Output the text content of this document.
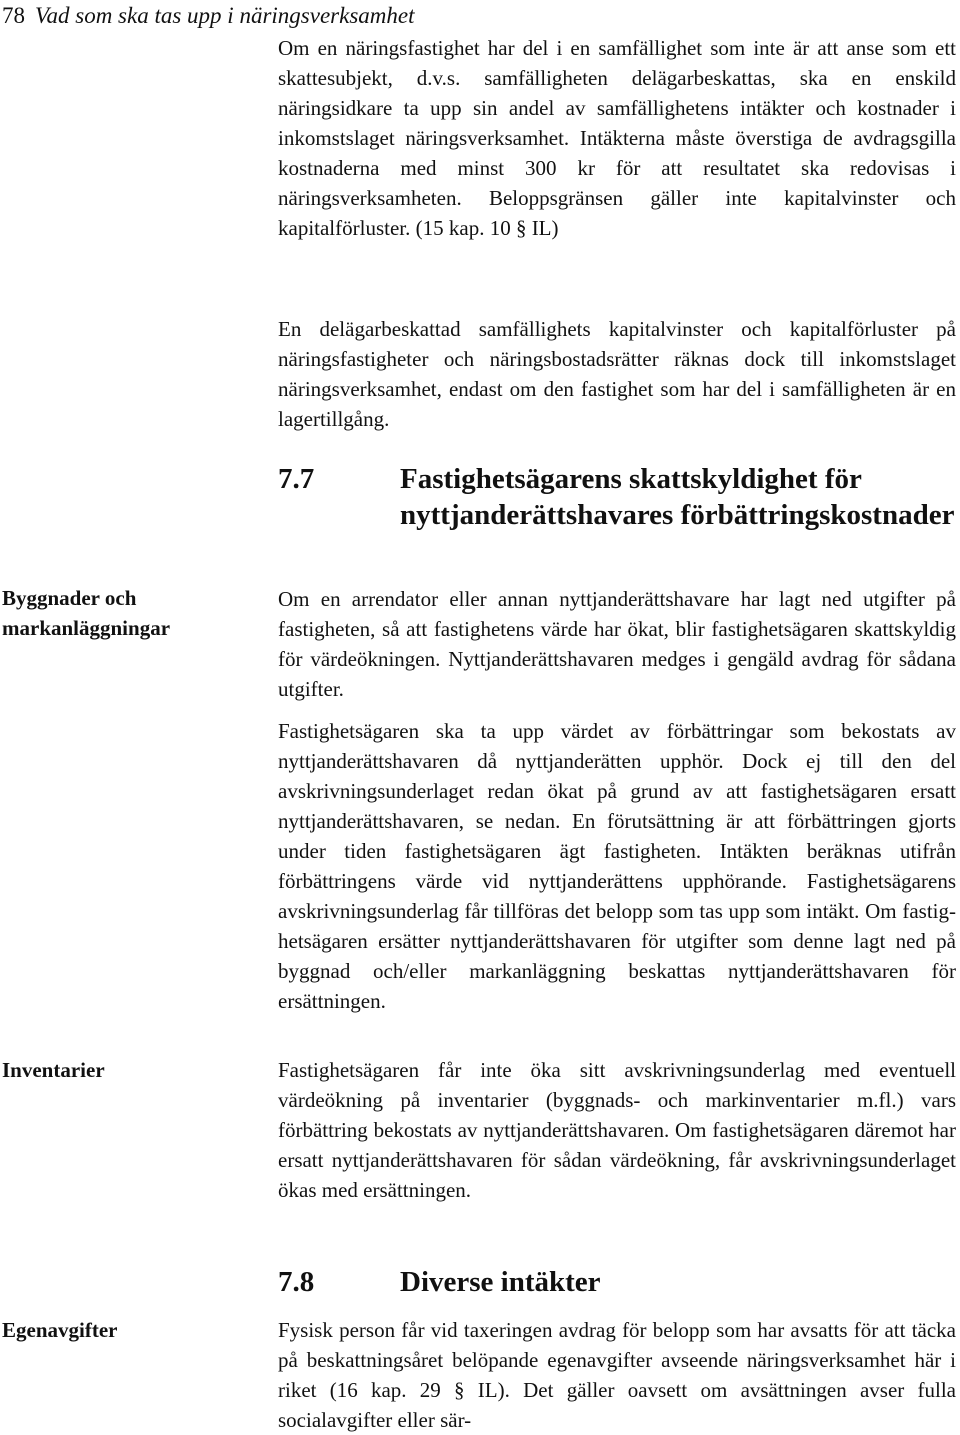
78 Vad som ska tas upp i näringsverksamhet

Om en näringsfastighet har del i en samfällighet som inte är att anse som ett skattesubjekt, d.v.s. samfälligheten delägarbeskattas, ska en enskild näringsidkare ta upp sin andel av samfällighetens intäkter och kostnader i inkomstslaget näringsverksamhet. Intäkterna måste överstiga de avdragsgilla kostnaderna med minst 300 kr för att resultatet ska redovisas i näringsverksamheten. Beloppsgränsen gäller inte kapitalvinster och kapitalförluster. (15 kap. 10 § IL)

En delägarbeskattad samfällighets kapitalvinster och kapitalförluster på näringsfastigheter och näringsbostadsrätter räknas dock till inkomstslaget näringsverksamhet, endast om den fastighet som har del i samfälligheten är en lagertillgång.

7.7	Fastighetsägarens skattskyldighet för nyttjanderättshavares förbättringskostnader
Byggnader och markanläggningar

Om en arrendator eller annan nyttjanderättshavare har lagt ned utgifter på fastigheten, så att fastighetens värde har ökat, blir fastighetsägaren skattskyldig för värdeökningen. Nyttjanderättshavaren medges i gengäld avdrag för sådana utgifter.

Fastighetsägaren ska ta upp värdet av förbättringar som bekostats av nyttjanderättshavaren då nyttjanderätten upphör. Dock ej till den del avskrivningsunderlaget redan ökat på grund av att fastighetsägaren ersatt nyttjanderättshavaren, se nedan. En förutsättning är att förbättringen gjorts under tiden fastighetsägaren ägt fastigheten. Intäkten beräknas utifrån förbättringens värde vid nyttjanderättens upphörande. Fastighetsägarens avskrivningsunderlag får tillföras det belopp som tas upp som intäkt. Om fastighetsägaren ersätter nyttjanderättshavaren för utgifter som denne lagt ned på byggnad och/eller markanläggning beskattas nyttjanderättshavaren för ersättningen.

Inventarier	Fastighetsägaren får inte öka sitt avskrivningsunderlag med eventuell värdeökning på inventarier (byggnads- och markinventarier m.fl.) vars förbättring bekostats av nyttjanderättshavaren. Om fastighetsägaren däremot har ersatt nyttjanderättshavaren för sådan värdeökning, får avskrivningsunderlaget ökas med ersättningen.

7.8	Diverse intäkter
Egenavgifter	Fysisk person får vid taxeringen avdrag för belopp som har avsatts för att täcka på beskattningsåret belöpande egenavgifter avseende näringsverksamhet här i riket (16 kap. 29 § IL). Det gäller oavsett om avsättningen avser fulla socialavgifter eller sär-
